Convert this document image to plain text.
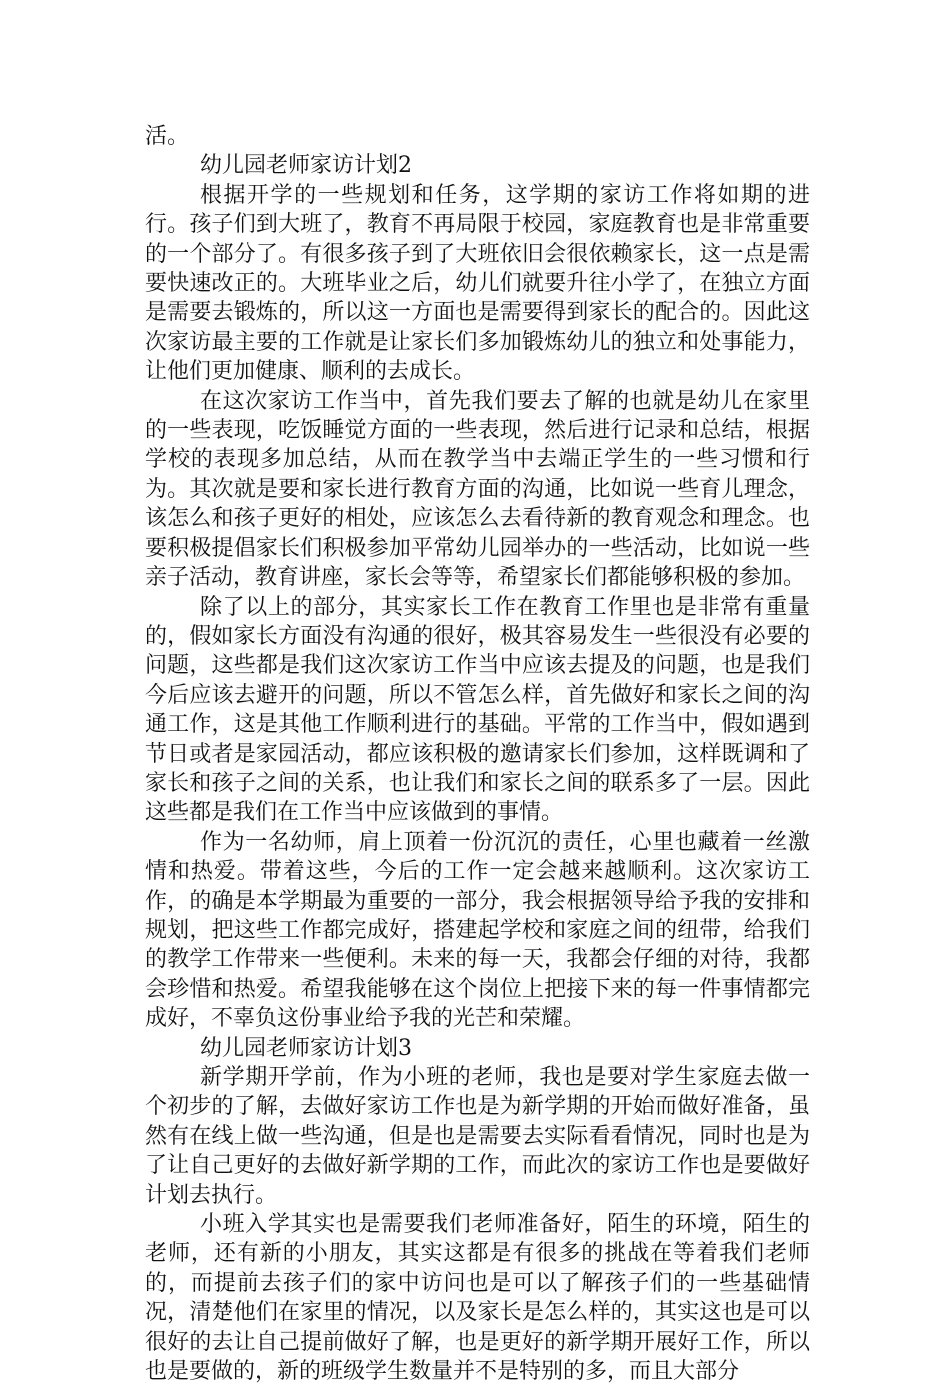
活。

幼儿园老师家访计划2

根据开学的一些规划和任务，这学期的家访工作将如期的进行。孩子们到大班了，教育不再局限于校园，家庭教育也是非常重要的一个部分了。有很多孩子到了大班依旧会很依赖家长，这一点是需要快速改正的。大班毕业之后，幼儿们就要升往小学了，在独立方面是需要去锻炼的，所以这一方面也是需要得到家长的配合的。因此这次家访最主要的工作就是让家长们多加锻炼幼儿的独立和处事能力，让他们更加健康、顺利的去成长。

在这次家访工作当中，首先我们要去了解的也就是幼儿在家里的一些表现，吃饭睡觉方面的一些表现，然后进行记录和总结，根据学校的表现多加总结，从而在教学当中去端正学生的一些习惯和行为。其次就是要和家长进行教育方面的沟通，比如说一些育儿理念，该怎么和孩子更好的相处，应该怎么去看待新的教育观念和理念。也要积极提倡家长们积极参加平常幼儿园举办的一些活动，比如说一些亲子活动，教育讲座，家长会等等，希望家长们都能够积极的参加。

除了以上的部分，其实家长工作在教育工作里也是非常有重量的，假如家长方面没有沟通的很好，极其容易发生一些很没有必要的问题，这些都是我们这次家访工作当中应该去提及的问题，也是我们今后应该去避开的问题，所以不管怎么样，首先做好和家长之间的沟通工作，这是其他工作顺利进行的基础。平常的工作当中，假如遇到节日或者是家园活动，都应该积极的邀请家长们参加，这样既调和了家长和孩子之间的关系，也让我们和家长之间的联系多了一层。因此这些都是我们在工作当中应该做到的事情。

作为一名幼师，肩上顶着一份沉沉的责任，心里也藏着一丝激情和热爱。带着这些，今后的工作一定会越来越顺利。这次家访工作，的确是本学期最为重要的一部分，我会根据领导给予我的安排和规划，把这些工作都完成好，搭建起学校和家庭之间的纽带，给我们的教学工作带来一些便利。未来的每一天，我都会仔细的对待，我都会珍惜和热爱。希望我能够在这个岗位上把接下来的每一件事情都完成好，不辜负这份事业给予我的光芒和荣耀。

幼儿园老师家访计划3

新学期开学前，作为小班的老师，我也是要对学生家庭去做一个初步的了解，去做好家访工作也是为新学期的开始而做好准备，虽然有在线上做一些沟通，但是也是需要去实际看看情况，同时也是为了让自己更好的去做好新学期的工作，而此次的家访工作也是要做好计划去执行。

小班入学其实也是需要我们老师准备好，陌生的环境，陌生的老师，还有新的小朋友，其实这都是有很多的挑战在等着我们老师的，而提前去孩子们的家中访问也是可以了解孩子们的一些基础情况，清楚他们在家里的情况，以及家长是怎么样的，其实这也是可以很好的去让自己提前做好了解，也是更好的新学期开展好工作，所以也是要做的，新的班级学生数量并不是特别的多，而且大部分
